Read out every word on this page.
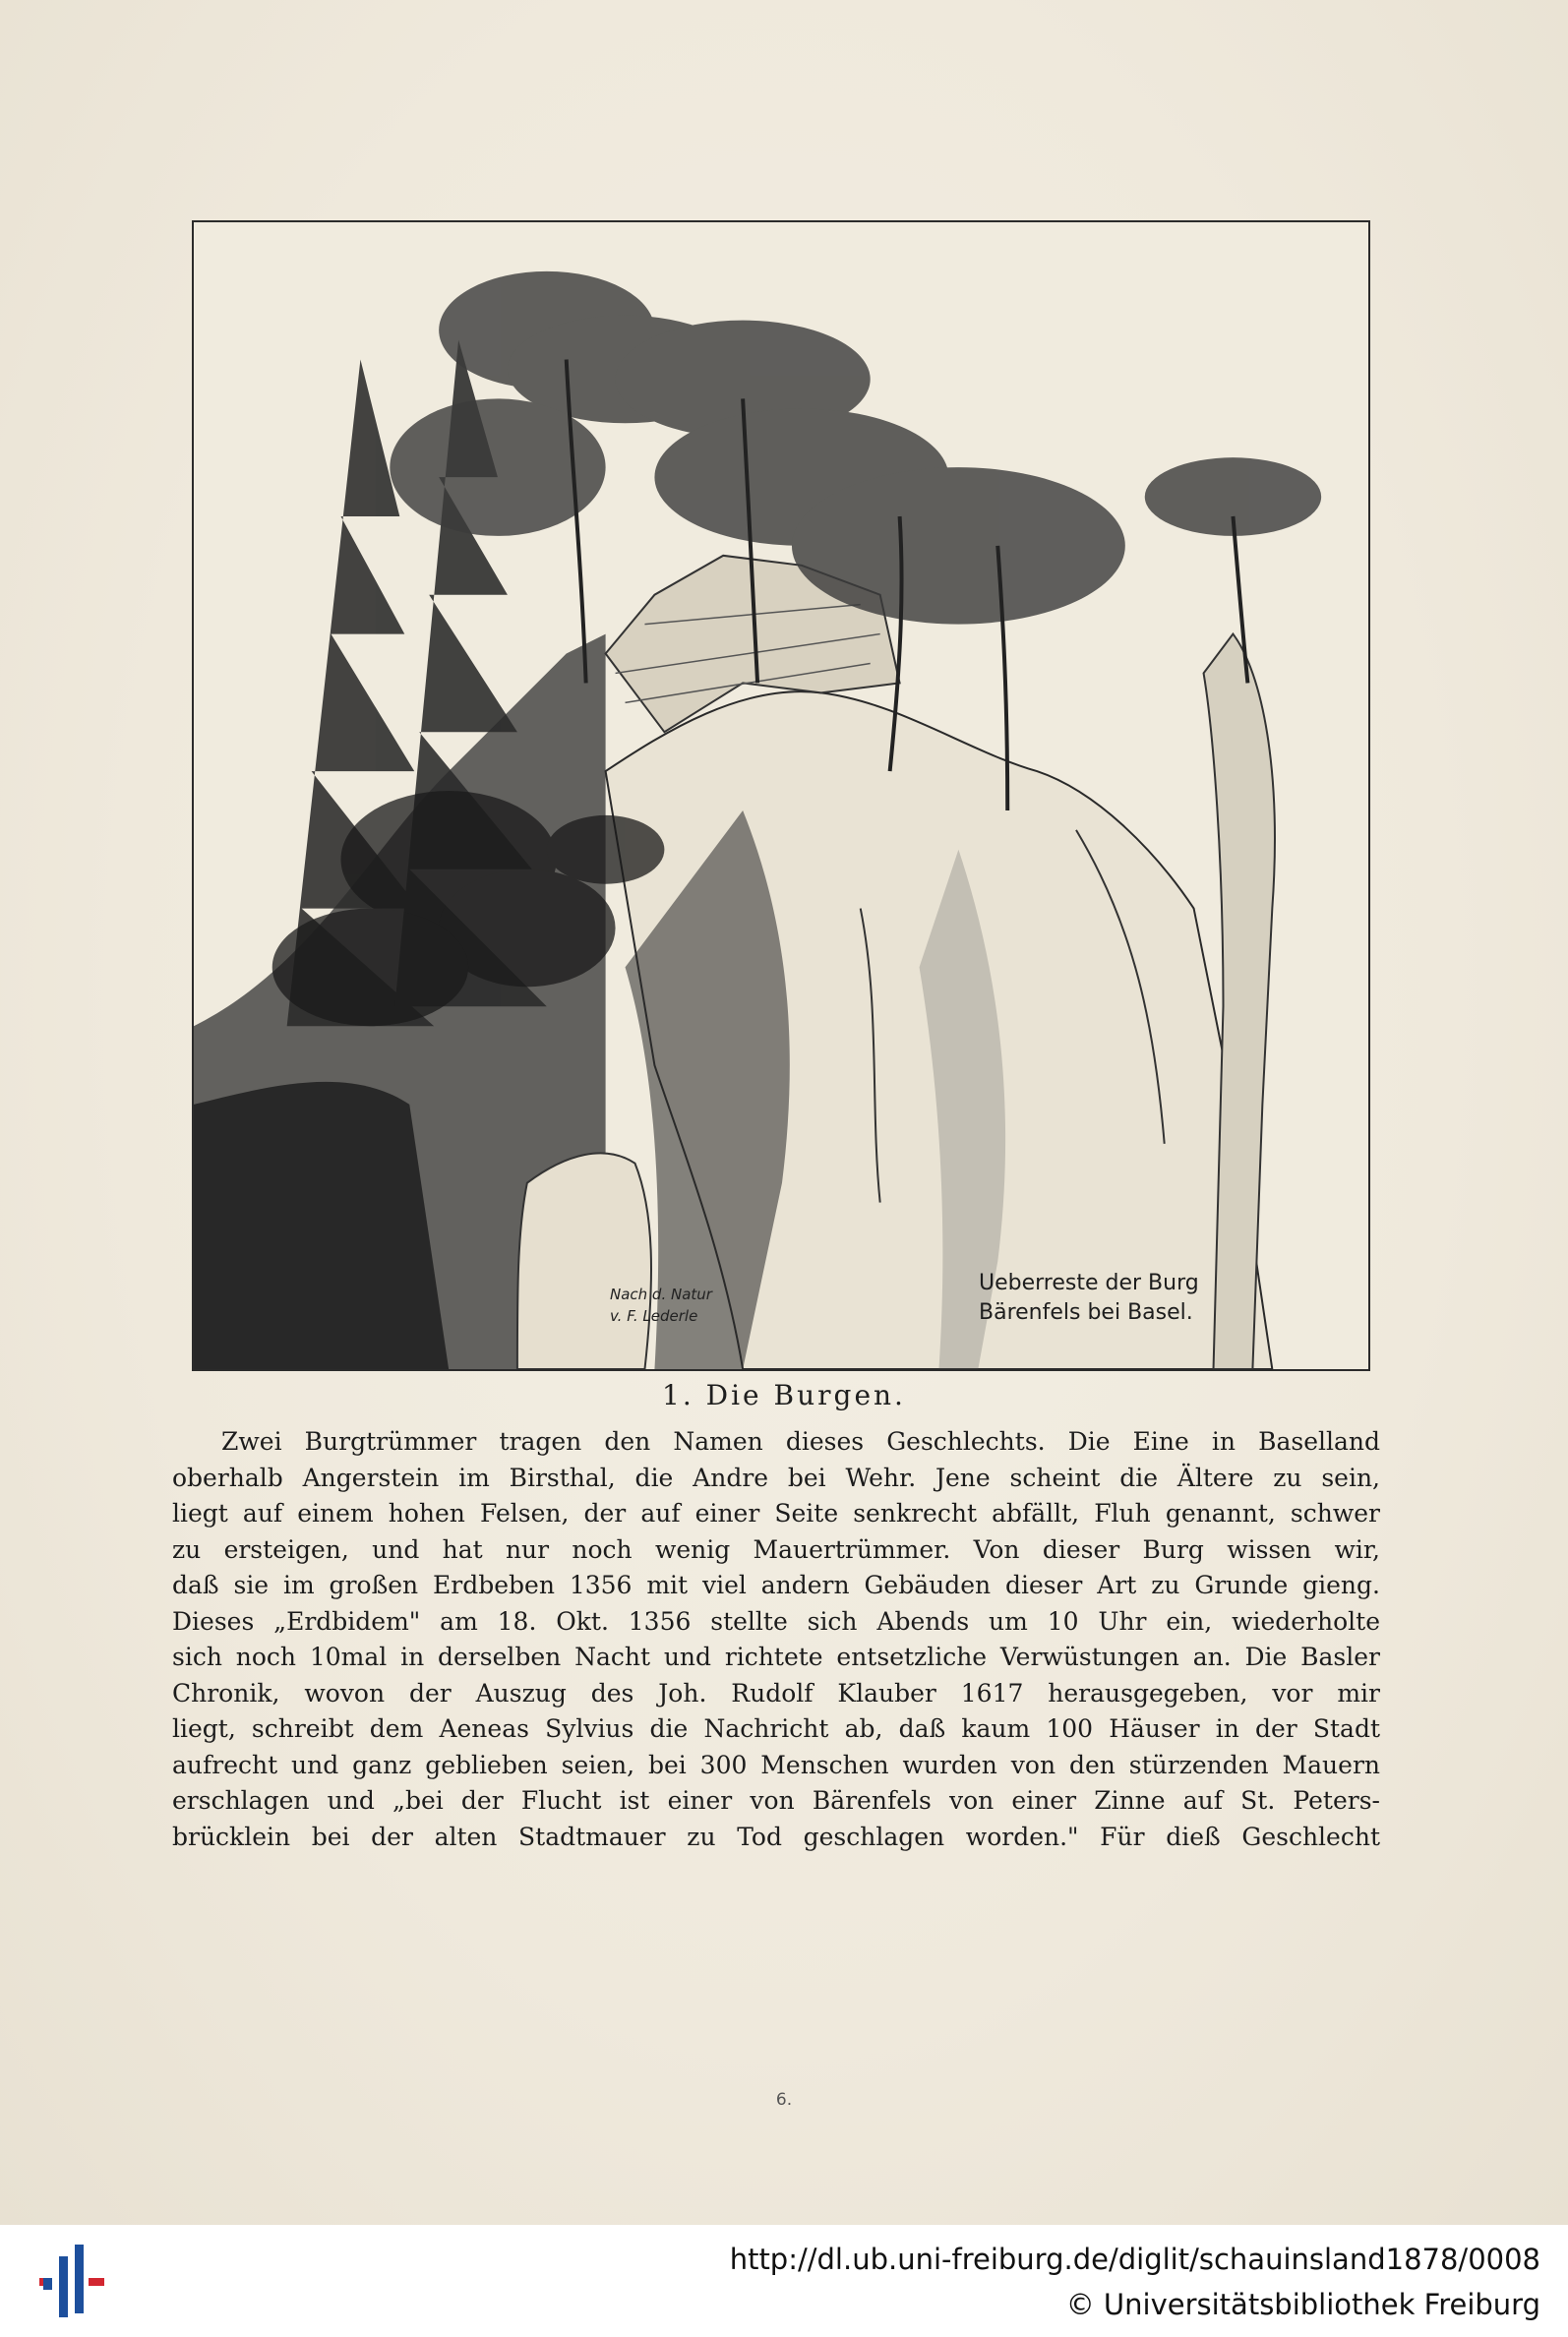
Nach d. Natur
v. F. Lederle
Ueberreste der Burg
Bärenfels bei Basel.
1. Die Burgen.
Zwei Burgtrümmer tragen den Namen dieses Geschlechts. Die Eine in Baselland
oberhalb Angerstein im Birsthal, die Andre bei Wehr. Jene scheint die Ältere zu sein,
liegt auf einem hohen Felsen, der auf einer Seite senkrecht abfällt, Fluh genannt, schwer
zu ersteigen, und hat nur noch wenig Mauertrümmer. Von dieser Burg wissen wir,
daß sie im großen Erdbeben 1356 mit viel andern Gebäuden dieser Art zu Grunde gieng.
Dieses „Erdbidem" am 18. Okt. 1356 stellte sich Abends um 10 Uhr ein, wiederholte
sich noch 10mal in derselben Nacht und richtete entsetzliche Verwüstungen an. Die Basler
Chronik, wovon der Auszug des Joh. Rudolf Klauber 1617 herausgegeben, vor mir
liegt, schreibt dem Aeneas Sylvius die Nachricht ab, daß kaum 100 Häuser in der Stadt
aufrecht und ganz geblieben seien, bei 300 Menschen wurden von den stürzenden Mauern
erschlagen und „bei der Flucht ist einer von Bärenfels von einer Zinne auf St. Peters-
brücklein bei der alten Stadtmauer zu Tod geschlagen worden." Für dieß Geschlecht
6.
http://dl.ub.uni-freiburg.de/diglit/schauinsland1878/0008
© Universitätsbibliothek Freiburg
